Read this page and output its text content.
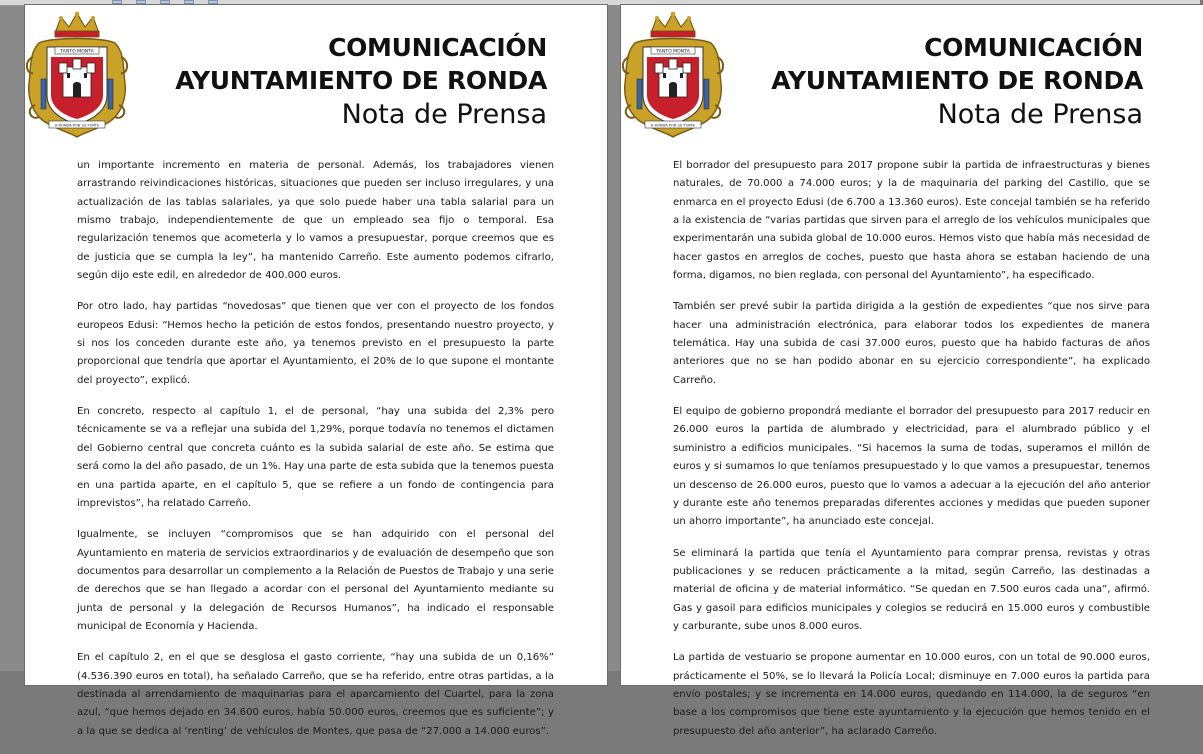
TANTO MONTA
A RONDA POR SU FORTE
COMUNICACIÓN
AYUNTAMIENTO DE RONDA
Nota de Prensa

un importante incremento en materia de personal. Además, los trabajadores vienen arrastrando reivindicaciones históricas, situaciones que pueden ser incluso irregulares, y una actualización de las tablas salariales, ya que solo puede haber una tabla salarial para un mismo trabajo, independientemente de que un empleado sea fijo o temporal. Esa regularización tenemos que acometerla y lo vamos a presupuestar, porque creemos que es de justicia que se cumpla la ley”, ha mantenido Carreño. Este aumento podemos cifrarlo, según dijo este edil, en alrededor de 400.000 euros.

Por otro lado, hay partidas “novedosas” que tienen que ver con el proyecto de los fondos europeos Edusi: “Hemos hecho la petición de estos fondos, presentando nuestro proyecto, y si nos los conceden durante este año, ya tenemos previsto en el presupuesto la parte proporcional que tendría que aportar el Ayuntamiento, el 20% de lo que supone el montante del proyecto”, explicó.

En concreto, respecto al capítulo 1, el de personal, “hay una subida del 2,3% pero técnicamente se va a reflejar una subida del 1,29%, porque todavía no tenemos el dictamen del Gobierno central que concreta cuánto es la subida salarial de este año. Se estima que será como la del año pasado, de un 1%. Hay una parte de esta subida que la tenemos puesta en una partida aparte, en el capítulo 5, que se refiere a un fondo de contingencia para imprevistos”, ha relatado Carreño.

Igualmente, se incluyen “compromisos que se han adquirido con el personal del Ayuntamiento en materia de servicios extraordinarios y de evaluación de desempeño que son documentos para desarrollar un complemento a la Relación de Puestos de Trabajo y una serie de derechos que se han llegado a acordar con el personal del Ayuntamiento mediante su junta de personal y la delegación de Recursos Humanos”, ha indicado el responsable municipal de Economía y Hacienda.

En el capítulo 2, en el que se desglosa el gasto corriente, “hay una subida de un 0,16%” (4.536.390 euros en total), ha señalado Carreño, que se ha referido, entre otras partidas, a la destinada al arrendamiento de maquinarias para el aparcamiento del Cuartel, para la zona azul, “que hemos dejado en 34.600 euros, había 50.000 euros, creemos que es suficiente”; y a la que se dedica al ‘renting’ de vehículos de Montes, que pasa de “27.000 a 14.000 euros”.

TANTO MONTA
A RONDA POR SU FORTE
COMUNICACIÓN
AYUNTAMIENTO DE RONDA
Nota de Prensa

El borrador del presupuesto para 2017 propone subir la partida de infraestructuras y bienes naturales, de 70.000 a 74.000 euros; y la de maquinaria del parking del Castillo, que se enmarca en el proyecto Edusi (de 6.700 a 13.360 euros). Este concejal también se ha referido a la existencia de “varias partidas que sirven para el arreglo de los vehículos municipales que experimentarán una subida global de 10.000 euros. Hemos visto que había más necesidad de hacer gastos en arreglos de coches, puesto que hasta ahora se estaban haciendo de una forma, digamos, no bien reglada, con personal del Ayuntamiento”, ha especificado.

También ser prevé subir la partida dirigida a la gestión de expedientes “que nos sirve para hacer una administración electrónica, para elaborar todos los expedientes de manera telemática. Hay una subida de casi 37.000 euros, puesto que ha habido facturas de años anteriores que no se han podido abonar en su ejercicio correspondiente”, ha explicado Carreño.

El equipo de gobierno propondrá mediante el borrador del presupuesto para 2017 reducir en 26.000 euros la partida de alumbrado y electricidad, para el alumbrado público y el suministro a edificios municipales. “Si hacemos la suma de todas, superamos el millón de euros y si sumamos lo que teníamos presupuestado y lo que vamos a presupuestar, tenemos un descenso de 26.000 euros, puesto que lo vamos a adecuar a la ejecución del año anterior y durante este año tenemos preparadas diferentes acciones y medidas que pueden suponer un ahorro importante”, ha anunciado este concejal.

Se eliminará la partida que tenía el Ayuntamiento para comprar prensa, revistas y otras publicaciones y se reducen prácticamente a la mitad, según Carreño, las destinadas a material de oficina y de material informático. “Se quedan en 7.500 euros cada una”, afirmó. Gas y gasoil para edificios municipales y colegios se reducirá en 15.000 euros y combustible y carburante, sube unos 8.000 euros.

La partida de vestuario se propone aumentar en 10.000 euros, con un total de 90.000 euros, prácticamente el 50%, se lo llevará la Policía Local; disminuye en 7.000 euros la partida para envío postales; y se incrementa en 14.000 euros, quedando en 114.000, la de seguros “en base a los compromisos que tiene este ayuntamiento y la ejecución que hemos tenido en el presupuesto del año anterior”, ha aclarado Carreño.
